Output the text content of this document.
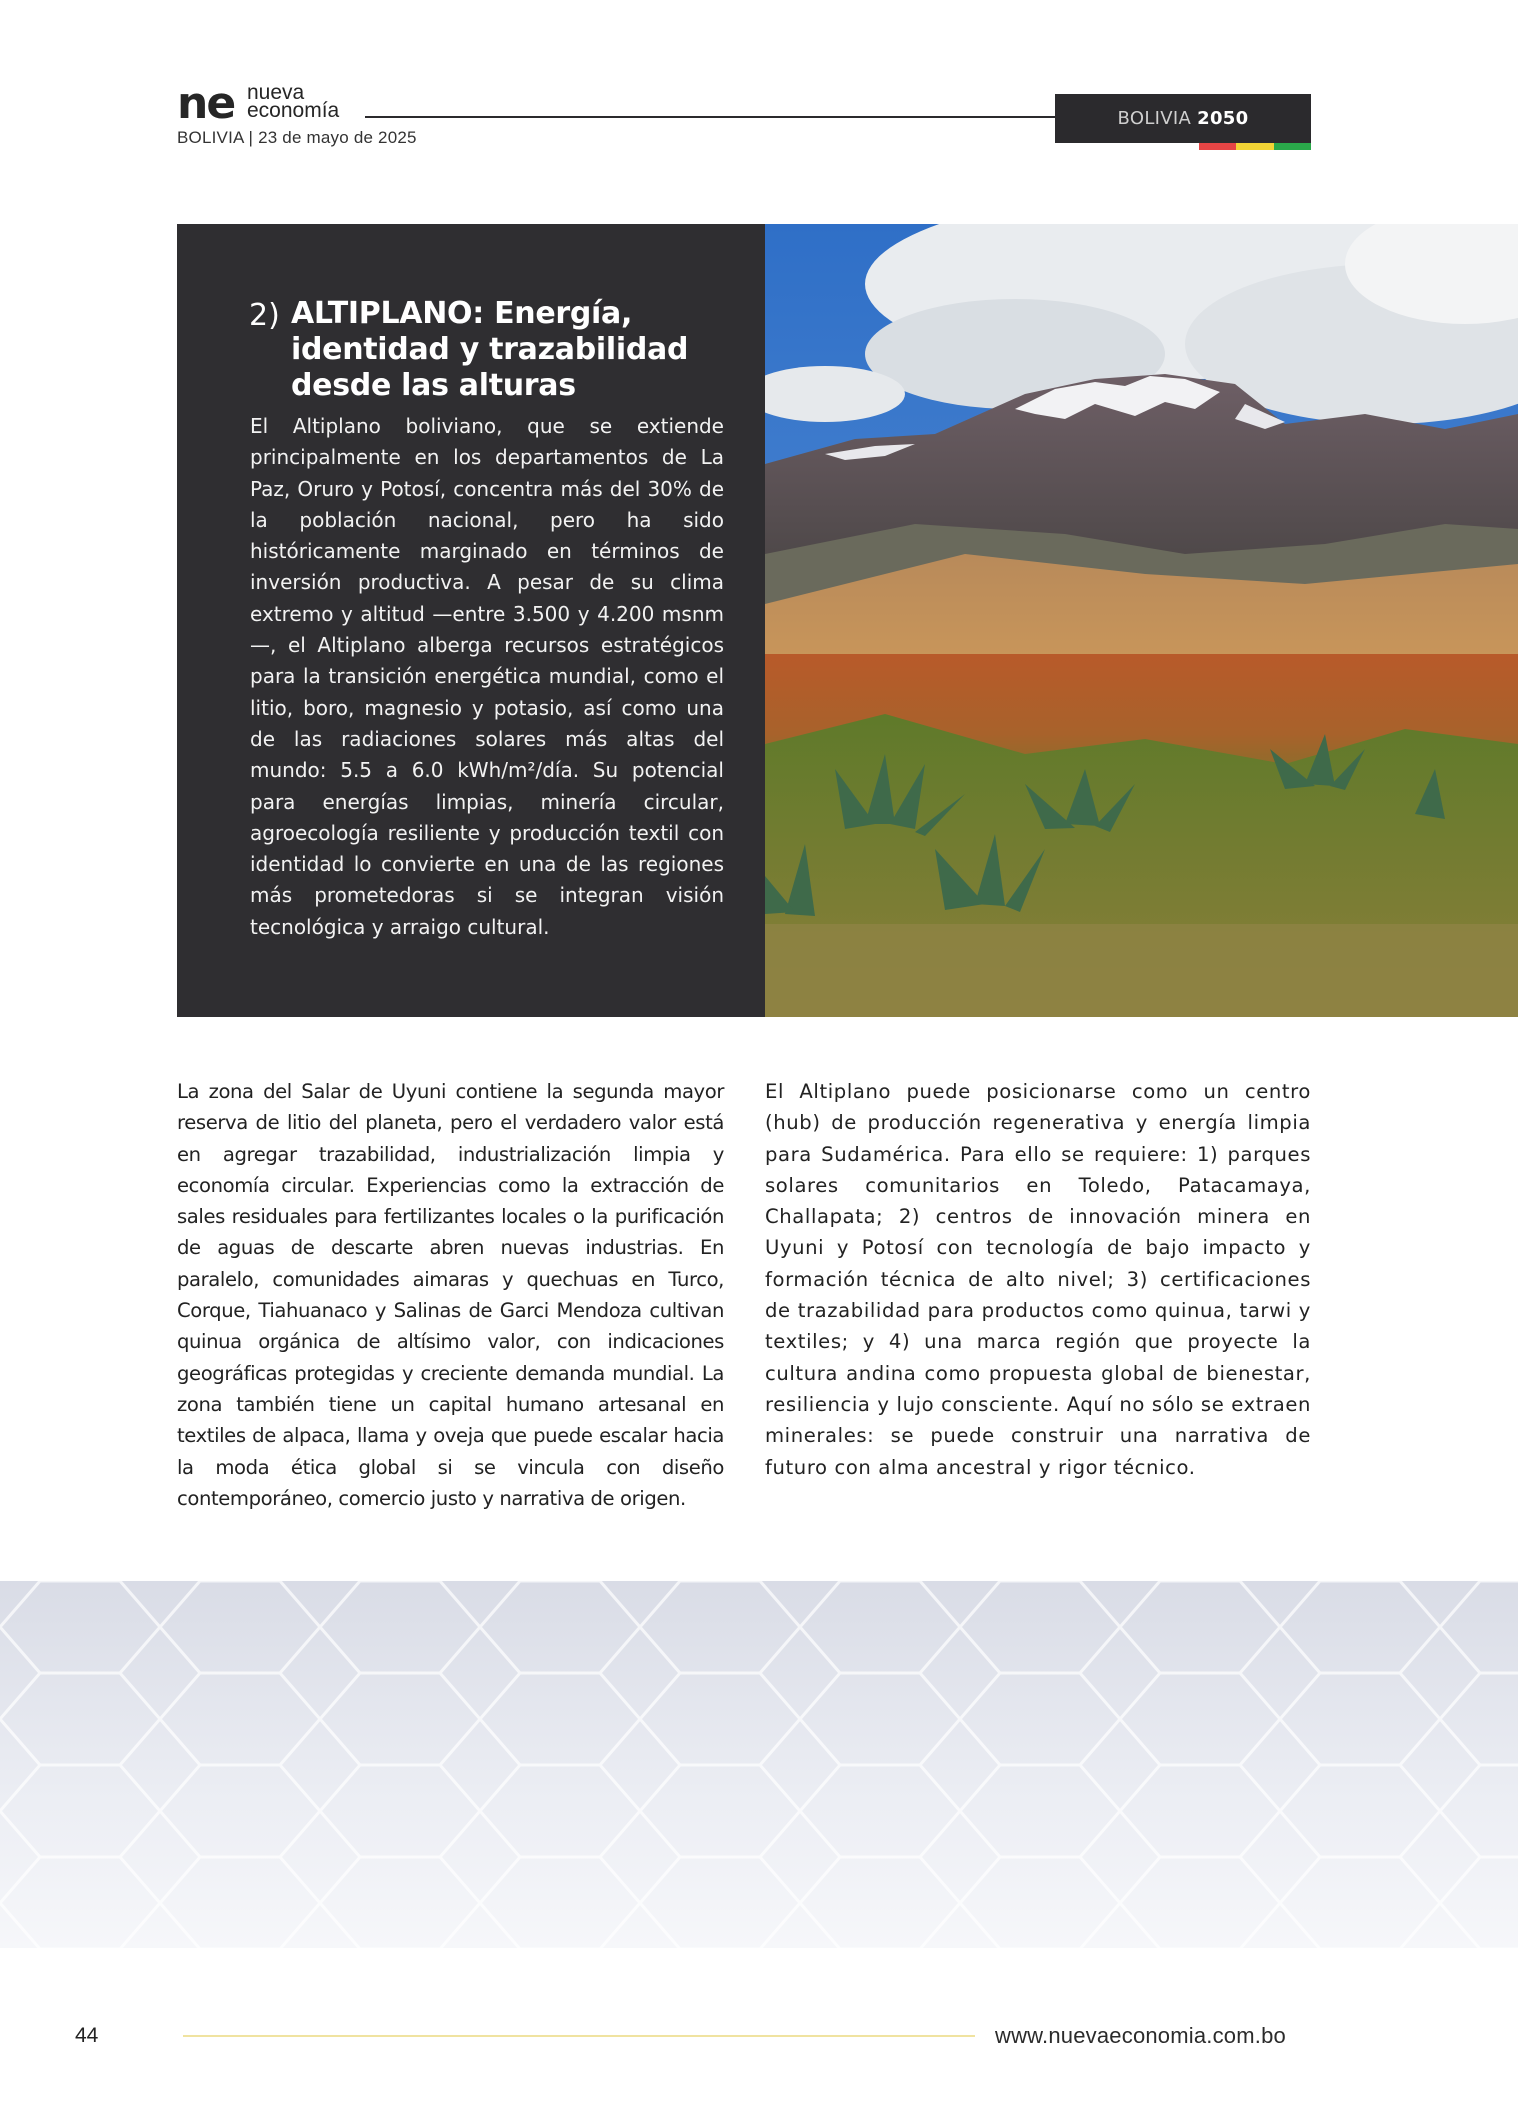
ne nueva
economía
BOLIVIA | 23 de mayo de 2025
BOLIVIA 2050
2) ALTIPLANO: Energía, identidad y trazabilidad desde las alturas
El Altiplano boliviano, que se extiende principalmente en los departamentos de La Paz, Oruro y Potosí, concentra más del 30% de la población nacional, pero ha sido históricamente marginado en términos de inversión productiva. A pesar de su clima extremo y altitud —entre 3.500 y 4.200 msnm—, el Altiplano alberga recursos estratégicos para la transición energética mundial, como el litio, boro, magnesio y potasio, así como una de las radiaciones solares más altas del mundo: 5.5 a 6.0 kWh/m²/día. Su potencial para energías limpias, minería circular, agroecología resiliente y producción textil con identidad lo convierte en una de las regiones más prometedoras si se integran visión tecnológica y arraigo cultural.
La zona del Salar de Uyuni contiene la segunda mayor reserva de litio del planeta, pero el verdadero valor está en agregar trazabilidad, industrialización limpia y economía circular. Experiencias como la extracción de sales residuales para fertilizantes locales o la purificación de aguas de descarte abren nuevas industrias. En paralelo, comunidades aimaras y quechuas en Turco, Corque, Tiahuanaco y Salinas de Garci Mendoza cultivan quinua orgánica de altísimo valor, con indicaciones geográficas protegidas y creciente demanda mundial. La zona también tiene un capital humano artesanal en textiles de alpaca, llama y oveja que puede escalar hacia la moda ética global si se vincula con diseño contemporáneo, comercio justo y narrativa de origen.
El Altiplano puede posicionarse como un centro (hub) de producción regenerativa y energía limpia para Sudamérica. Para ello se requiere: 1) parques solares comunitarios en Toledo, Patacamaya, Challapata; 2) centros de innovación minera en Uyuni y Potosí con tecnología de bajo impacto y formación técnica de alto nivel; 3) certificaciones de trazabilidad para productos como quinua, tarwi y textiles; y 4) una marca región que proyecte la cultura andina como propuesta global de bienestar, resiliencia y lujo consciente. Aquí no sólo se extraen minerales: se puede construir una narrativa de futuro con alma ancestral y rigor técnico.
44	www.nuevaeconomia.com.bo
